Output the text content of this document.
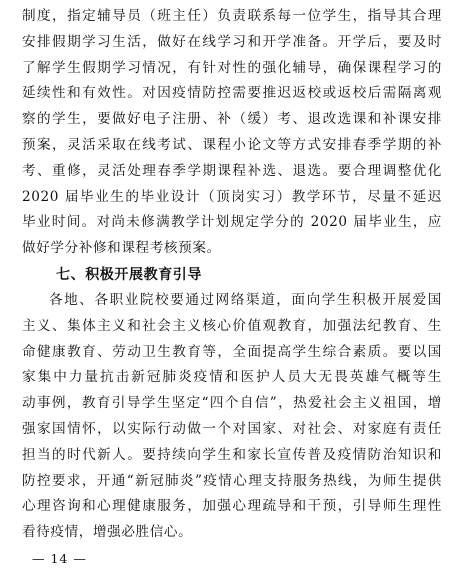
制度，指定辅导员（班主任）负责联系每一位学生，指导其合理
安排假期学习生活，做好在线学习和开学准备。开学后，要及时
了解学生假期学习情况，有针对性的强化辅导，确保课程学习的
延续性和有效性。对因疫情防控需要推迟返校或返校后需隔离观
察的学生，要做好电子注册、补（缓）考、退改选课和补课安排
预案，灵活采取在线考试、课程小论文等方式安排春季学期的补
考、重修，灵活处理春季学期课程补选、退选。要合理调整优化
2020 届毕业生的毕业设计（顶岗实习）教学环节，尽量不延迟
毕业时间。对尚未修满教学计划规定学分的 2020 届毕业生，应
做好学分补修和课程考核预案。
七、积极开展教育引导
各地、各职业院校要通过网络渠道，面向学生积极开展爱国
主义、集体主义和社会主义核心价值观教育，加强法纪教育、生
命健康教育、劳动卫生教育等，全面提高学生综合素质。要以国
家集中力量抗击新冠肺炎疫情和医护人员大无畏英雄气概等生
动事例，教育引导学生坚定“四个自信”，热爱社会主义祖国，增
强家国情怀，以实际行动做一个对国家、对社会、对家庭有责任
担当的时代新人。要持续向学生和家长宣传普及疫情防治知识和
防控要求，开通“新冠肺炎”疫情心理支持服务热线，为师生提供
心理咨询和心理健康服务，加强心理疏导和干预，引导师生理性
看待疫情，增强必胜信心。
— 14 —
